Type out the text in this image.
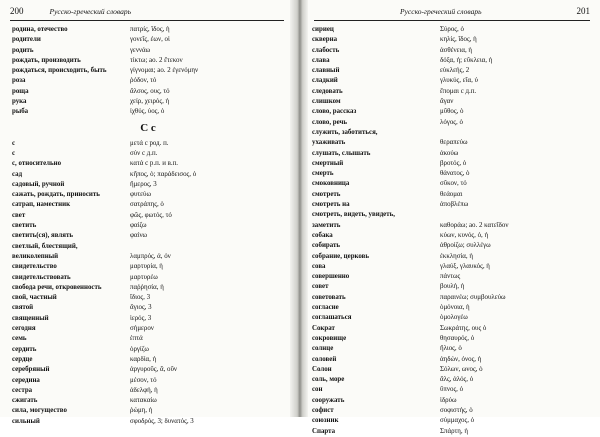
200	Русско-греческий словарь
родина, отечество	πατρίς, ἴδος, ἡ
родители	γονεῖς, ἐων, οἱ
родить	γεννάω
рождать, производить	τίκτω; ao. 2 ἔτεκον
рождаться, происходить, быть	γίγνομαι; ao. 2 ἐγενόμην
роза	ῥόδον, τό
роща	ἄλσος, ους, τό
рука	χείρ, χειρός, ἡ
рыба	ἰχθύς, ύος, ὁ
С с
с	μετά с род. п.
с	σύν с д.п.
с, относительно	κατά с р.п. и в.п.
сад	κῆπος, ὁ; παράδεισος, ὁ
садовый, ручной	ἥμερος, 3
сажать, рождать, приносить	φυτεύω
сатрап, наместник	σατράπης, ὁ
свет	φῶς, φωτός, τό
светить	φαίζω
светить(ся), являть	φαίνω
светлый, блестящий,
великолепный	λαμπρός, ά, όν
свидетельство	μαρτυρία, ἡ
свидетельствовать	μαρτυρέω
свобода речи, откровенность	παῤῥησία, ἡ
свой, частный	ἴδιος, 3
святой	ἅγιος, 3
священный	ἱερός, 3
сегодня	σήμερον
семь	ἑπτά
сердить	ὀργίζω
сердце	καρδία, ἡ
серебряный	ἀργυροῦς, ᾶ, οῦν
середина	μέσον, τό
сестра	ἀδελφή, ἡ
сжигать	κατακαίω
сила, могущество	ῥώμη, ἡ
сильный	σφοδρός, 3; δυνατός, 3
Русско-греческий словарь	201
сириец	Σύρος, ὁ
скверна	κηλίς, ῖδος, ἡ
слабость	ἀσθένεια, ἡ
слава	δόξα, ἡ; εὔκλεια, ἡ
славный	εὐκλεής, 2
сладкий	γλυκύς, εῖα, ύ
следовать	ἕπομαι с д.п.
слишком	ἄγαν
слово, рассказ	μῦθος, ὁ
слово, речь	λόγος, ὁ
служить, заботиться,
ухаживать	θεραπεύω
слушать, слышать	ἀκούω
смертный	βροτός, ὁ
смерть	θάνατος, ὁ
смоковница	σῦκον, τό
смотреть	θεάομαι
смотреть на	ἀποβλέπω
смотреть, видеть, увидеть,
заметить	καθοράω; ao. 2 κατεῖδον
собака	κύων, κυνός, ὁ, ἡ
собирать	ἀθροίζω; συλλέγω
собрание, церковь	ἐκκλησία, ἡ
сова	γλαύξ, γλαυκός, ἡ
совершенно	πάντως
совет	βουλή, ἡ
советовать	παραινέω; συμβουλεύω
согласие	ὁμόνοια, ἡ
соглашаться	ὁμολογέω
Сократ	Σωκράτης, ους ὁ
сокровище	θησαυρός, ὁ
солнце	ἥλιος, ὁ
соловей	ἀηδών, όνος, ἡ
Солон	Σόλων, ωνος, ὁ
соль, море	ἅλς, ἁλός, ὁ
сон	ὕπνος, ὁ
сооружать	ἱδρύω
софист	σοφιστής, ὁ
союзник	σύμμαχος, ὁ
Спарта	Σπάρτη, ἡ
